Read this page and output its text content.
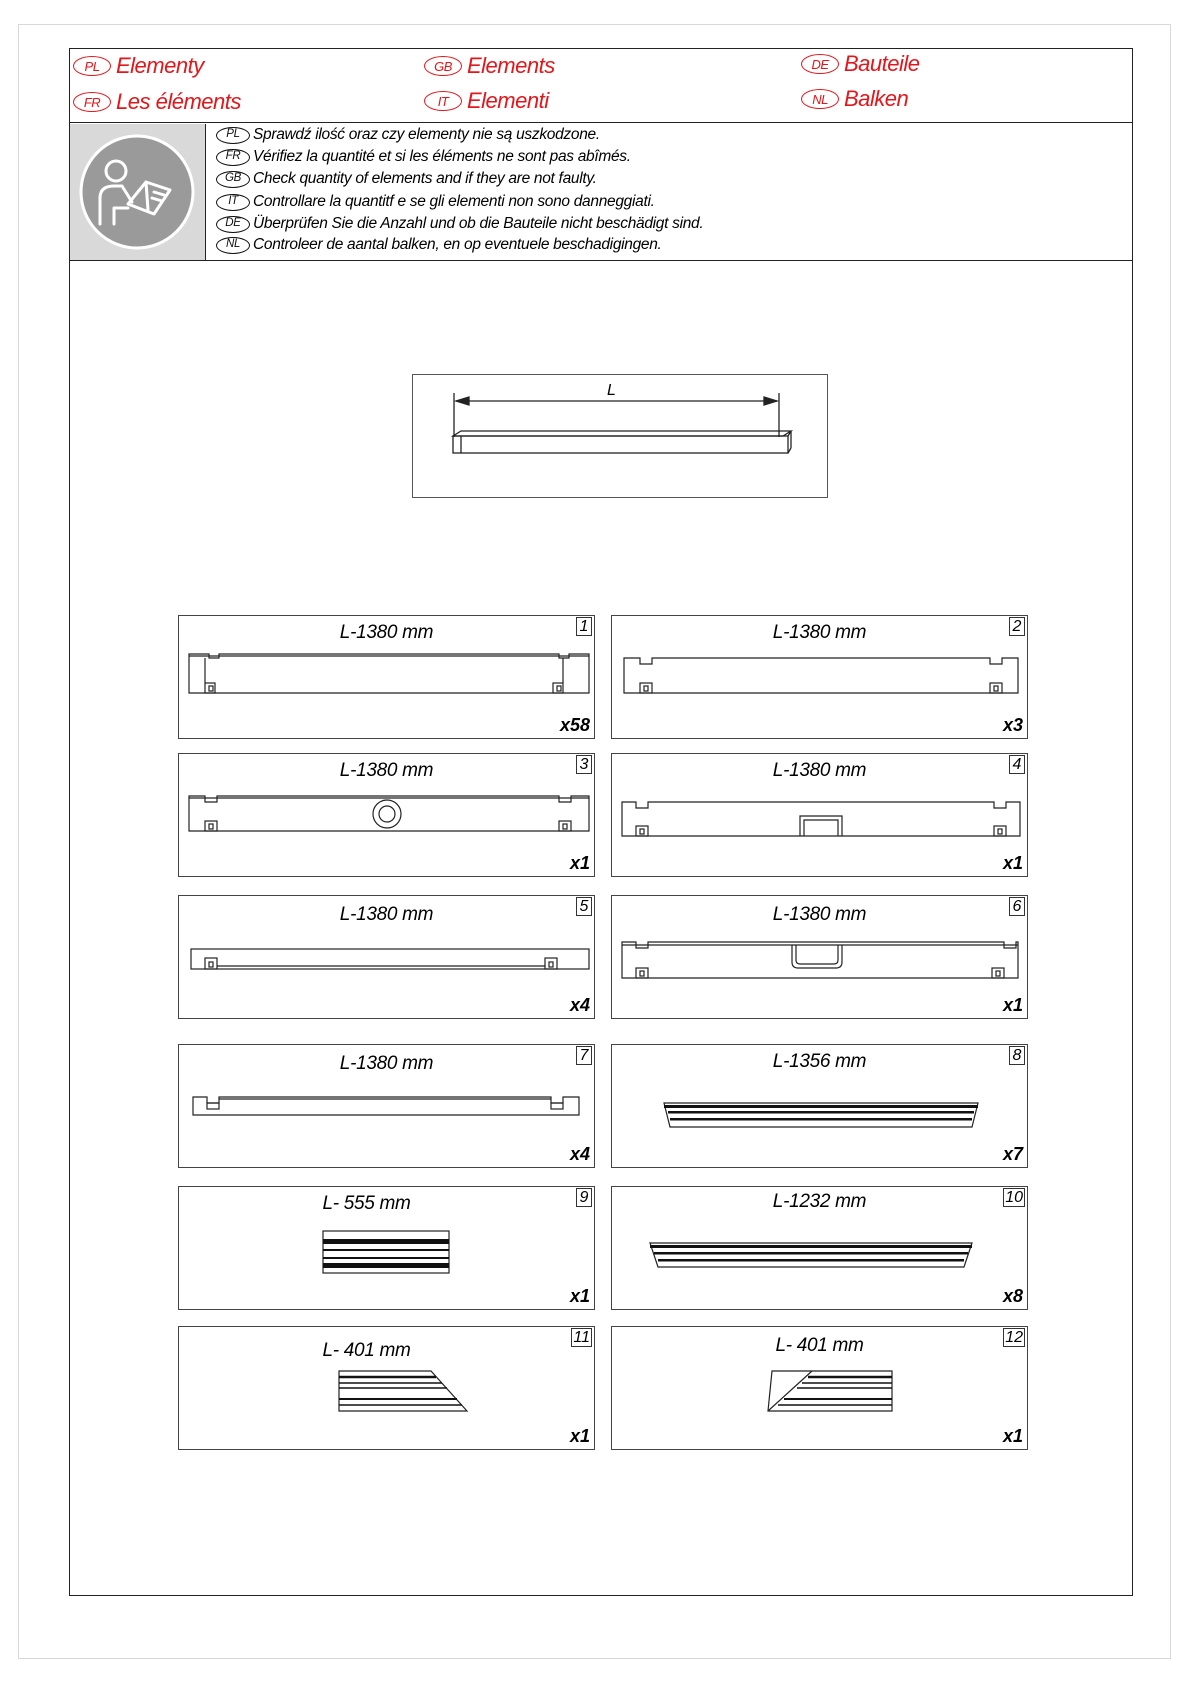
PL Elementy	GB Elements	DE Bauteile
FR Les éléments	IT Elementi	NL Balken
PL Sprawdź ilość oraz czy elementy nie są uszkodzone.
FR Vérifiez la quantité et si les éléments ne sont pas abîmés.
GB Check quantity of elements and if they are not faulty.
IT Controllare la quantitf e se gli elementi non sono danneggiati.
DE Überprüfen Sie die Anzahl und ob die Bauteile nicht beschädigt sind.
NL Controleer de aantal balken, en op eventuele beschadigingen.
L
L-1380 mm	1
x58
L-1380 mm	2
x3
L-1380 mm	3
x1
L-1380 mm	4
x1
L-1380 mm	5
x4
L-1380 mm	6
x1
L-1380 mm	7
x4
L-1356 mm	8
x7
L- 555 mm	9
x1
L-1232 mm	10
x8
L- 401 mm
11
x1
L- 401 mm	12
x1
